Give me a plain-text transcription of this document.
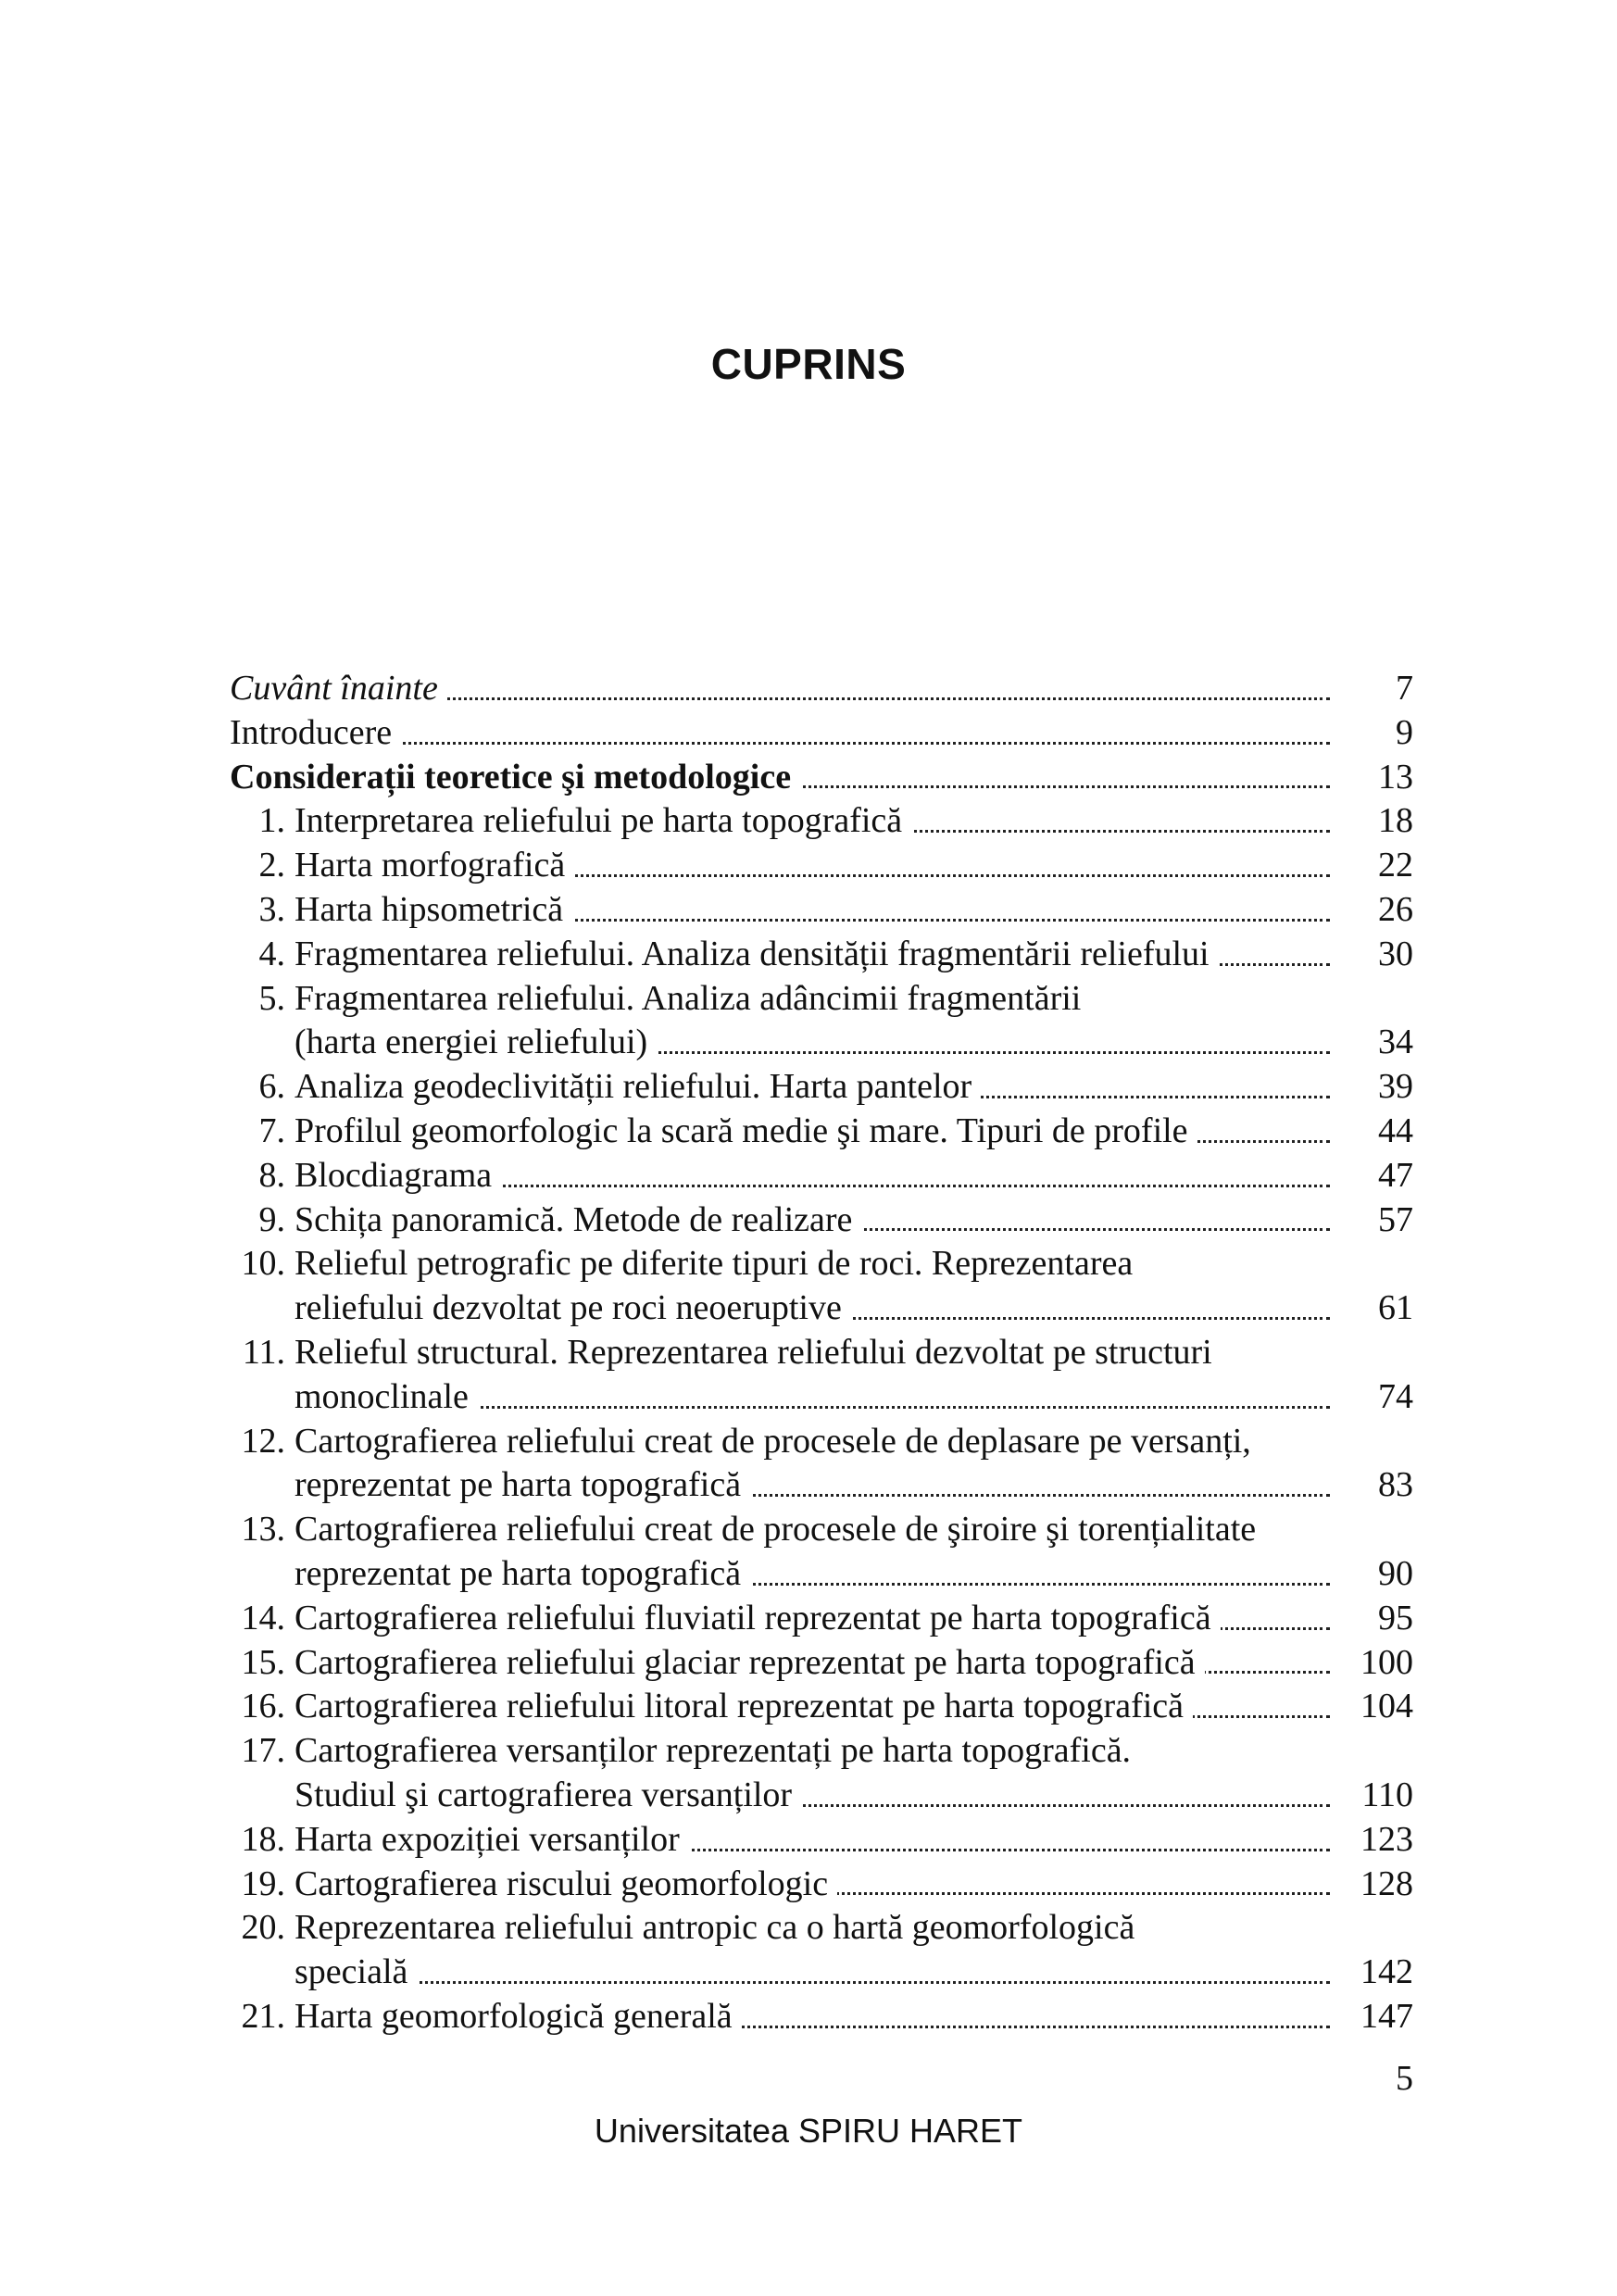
CUPRINS
Cuvânt înainte	7
Introducere	9
Considerații teoretice şi metodologice	13
1. Interpretarea reliefului pe harta topografică	18
2. Harta morfografică	22
3. Harta hipsometrică	26
4. Fragmentarea reliefului. Analiza densității fragmentării reliefului	30
5. Fragmentarea reliefului. Analiza adâncimii fragmentării
(harta energiei reliefului)	34
6. Analiza geodeclivității reliefului. Harta pantelor	39
7. Profilul geomorfologic la scară medie şi mare. Tipuri de profile	44
8. Blocdiagrama	47
9. Schița panoramică. Metode de realizare	57
10. Relieful petrografic pe diferite tipuri de roci. Reprezentarea
reliefului dezvoltat pe roci neoeruptive	61
11. Relieful structural. Reprezentarea reliefului dezvoltat pe structuri
monoclinale	74
12. Cartografierea reliefului creat de procesele de deplasare pe versanți,
reprezentat pe harta topografică	83
13. Cartografierea reliefului creat de procesele de şiroire şi torențialitate
reprezentat pe harta topografică	90
14. Cartografierea reliefului fluviatil reprezentat pe harta topografică	95
15. Cartografierea reliefului glaciar reprezentat pe harta topografică	100
16. Cartografierea reliefului litoral reprezentat pe harta topografică	104
17. Cartografierea versanților reprezentați pe harta topografică.
Studiul şi cartografierea versanților	110
18. Harta expoziției versanților	123
19. Cartografierea riscului geomorfologic	128
20. Reprezentarea reliefului antropic ca o hartă geomorfologică
specială	142
21. Harta geomorfologică generală	147
5
Universitatea SPIRU HARET
